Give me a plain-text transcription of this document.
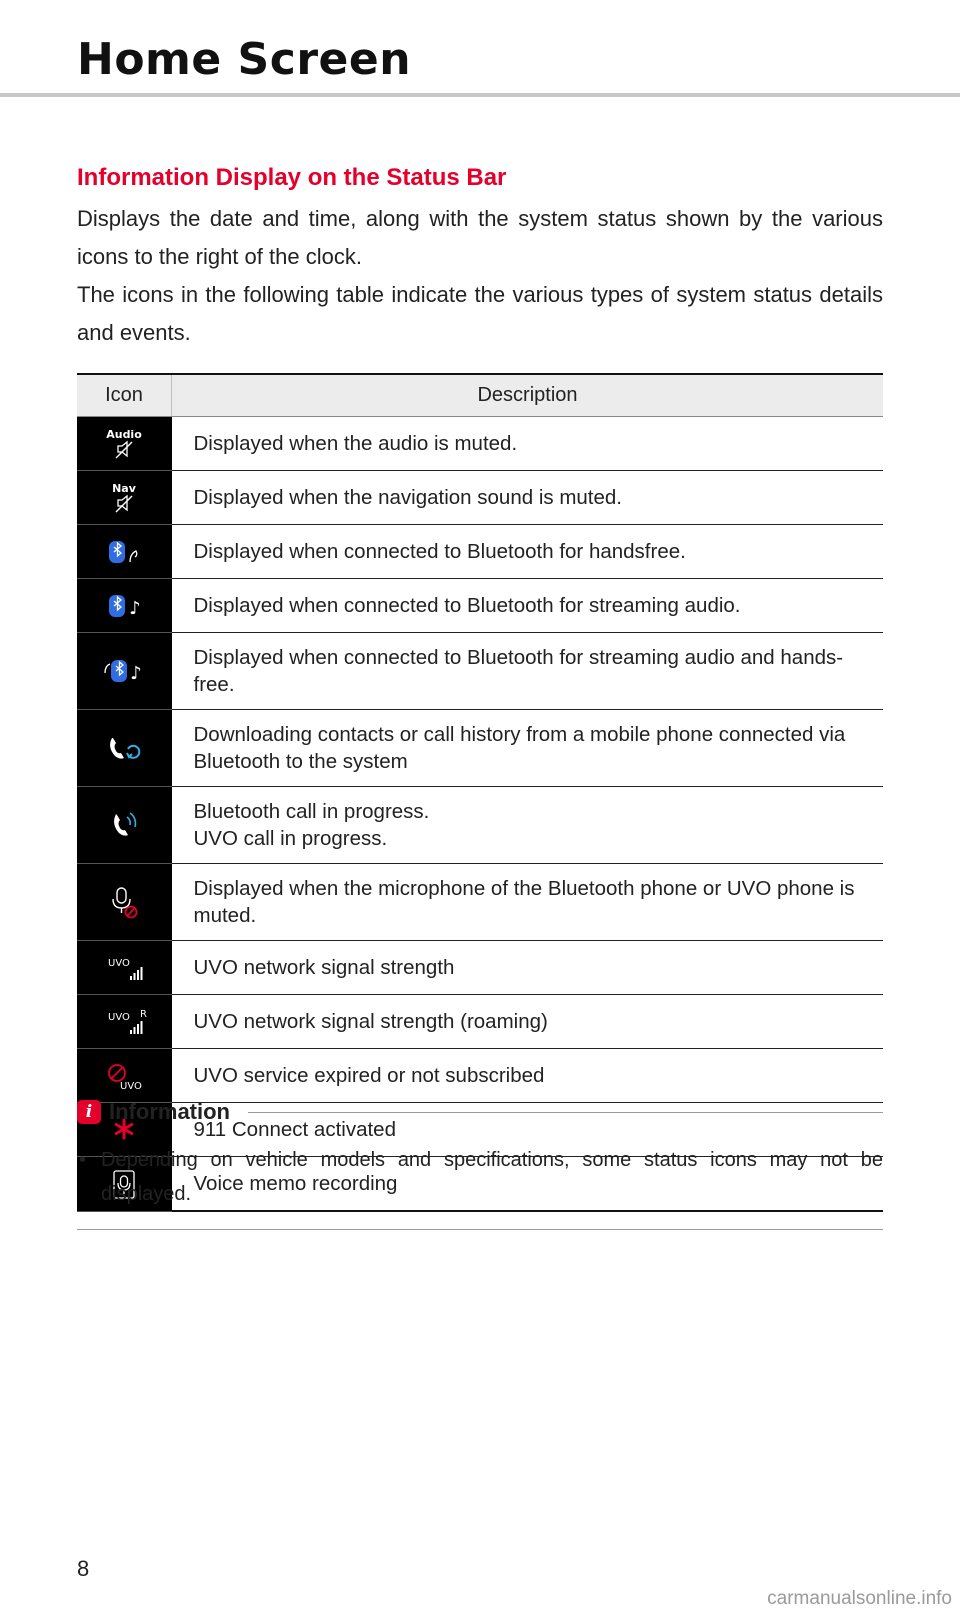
Home Screen
Information Display on the Status Bar

Displays the date and time, along with the system status shown by the various icons to the right of the clock.

The icons in the following table indicate the various types of system status details and events.

Icon	Description

Audio	Displayed when the audio is muted.

Nav	Displayed when the navigation sound is muted.

	Displayed when connected to Bluetooth for handsfree.

♪	Displayed when connected to Bluetooth for streaming audio.

♪	Displayed when connected to Bluetooth for streaming audio and hands-free.

	Downloading contacts or call history from a mobile phone connected via Bluetooth to the system

	Bluetooth call in progress.
UVO call in progress.

	Displayed when the microphone of the Bluetooth phone or UVO phone is muted.

UVO	UVO network signal strength

UVO R	UVO network signal strength (roaming)

UVO	UVO service expired or not subscribed

	911 Connect activated

	Voice memo recording
i Information
• Depending on vehicle models and specifications, some status icons may not be displayed.
8
carmanualsonline.info
